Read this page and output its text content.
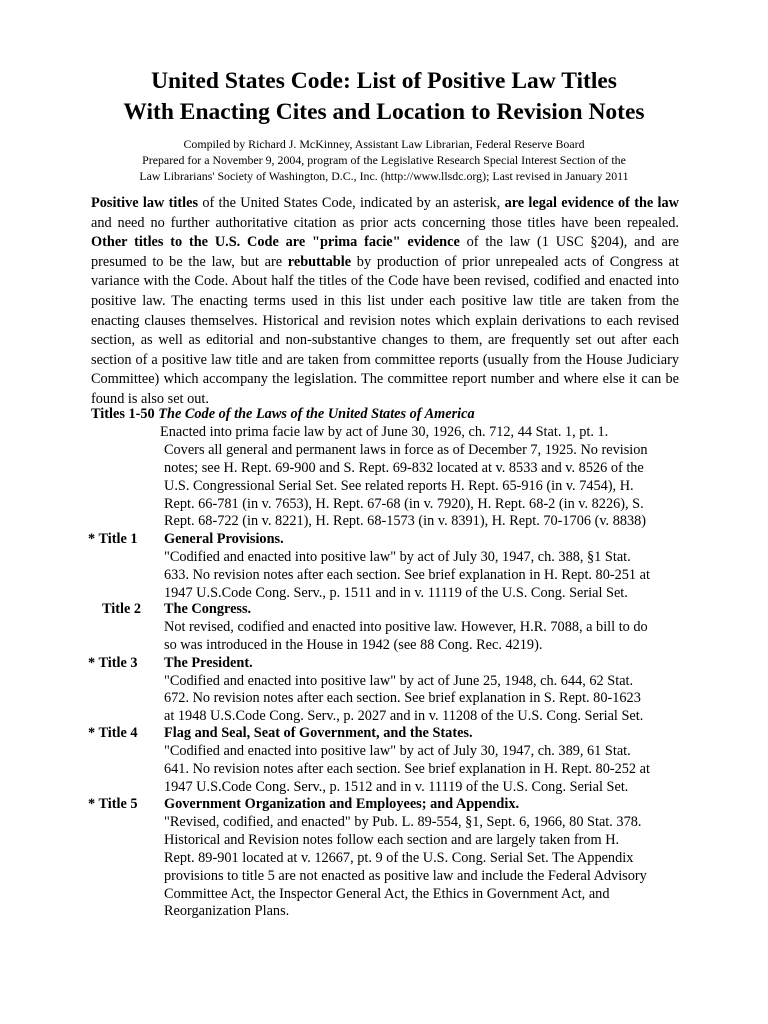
United States Code: List of Positive Law Titles
With Enacting Cites and Location to Revision Notes
Compiled by Richard J. McKinney, Assistant Law Librarian, Federal Reserve Board
Prepared for a November 9, 2004, program of the Legislative Research Special Interest Section of the
Law Librarians' Society of Washington, D.C., Inc. (http://www.llsdc.org); Last revised in January 2011
Positive law titles of the United States Code, indicated by an asterisk, are legal evidence of the law and need no further authoritative citation as prior acts concerning those titles have been repealed. Other titles to the U.S. Code are "prima facie" evidence of the law (1 USC §204), and are presumed to be the law, but are rebuttable by production of prior unrepealed acts of Congress at variance with the Code. About half the titles of the Code have been revised, codified and enacted into positive law. The enacting terms used in this list under each positive law title are taken from the enacting clauses themselves. Historical and revision notes which explain derivations to each revised section, as well as editorial and non-substantive changes to them, are frequently set out after each section of a positive law title and are taken from committee reports (usually from the House Judiciary Committee) which accompany the legislation. The committee report number and where else it can be found is also set out.
Titles 1-50 The Code of the Laws of the United States of America
Enacted into prima facie law by act of June 30, 1926, ch. 712, 44 Stat. 1, pt. 1.
Covers all general and permanent laws in force as of December 7, 1925. No revision
notes; see H. Rept. 69-900 and S. Rept. 69-832 located at v. 8533 and v. 8526 of the
U.S. Congressional Serial Set. See related reports H. Rept. 65-916 (in v. 7454), H.
Rept. 66-781 (in v. 7653), H. Rept. 67-68 (in v. 7920), H. Rept. 68-2 (in v. 8226), S.
Rept. 68-722 (in v. 8221), H. Rept. 68-1573 (in v. 8391), H. Rept. 70-1706 (v. 8838)
* Title 1	General Provisions.
"Codified and enacted into positive law" by act of July 30, 1947, ch. 388, §1 Stat.
633. No revision notes after each section. See brief explanation in H. Rept. 80-251 at
1947 U.S.Code Cong. Serv., p. 1511 and in v. 11119 of the U.S. Cong. Serial Set.
Title 2	The Congress.
Not revised, codified and enacted into positive law. However, H.R. 7088, a bill to do
so was introduced in the House in 1942 (see 88 Cong. Rec. 4219).
* Title 3	The President.
"Codified and enacted into positive law" by act of June 25, 1948, ch. 644, 62 Stat.
672. No revision notes after each section. See brief explanation in S. Rept. 80-1623
at 1948 U.S.Code Cong. Serv., p. 2027 and in v. 11208 of the U.S. Cong. Serial Set.
* Title 4	Flag and Seal, Seat of Government, and the States.
"Codified and enacted into positive law" by act of July 30, 1947, ch. 389, 61 Stat.
641. No revision notes after each section. See brief explanation in H. Rept. 80-252 at
1947 U.S.Code Cong. Serv., p. 1512 and in v. 11119 of the U.S. Cong. Serial Set.
* Title 5	Government Organization and Employees; and Appendix.
"Revised, codified, and enacted" by Pub. L. 89-554, §1, Sept. 6, 1966, 80 Stat. 378.
Historical and Revision notes follow each section and are largely taken from H.
Rept. 89-901 located at v. 12667, pt. 9 of the U.S. Cong. Serial Set. The Appendix
provisions to title 5 are not enacted as positive law and include the Federal Advisory
Committee Act, the Inspector General Act, the Ethics in Government Act, and
Reorganization Plans.
